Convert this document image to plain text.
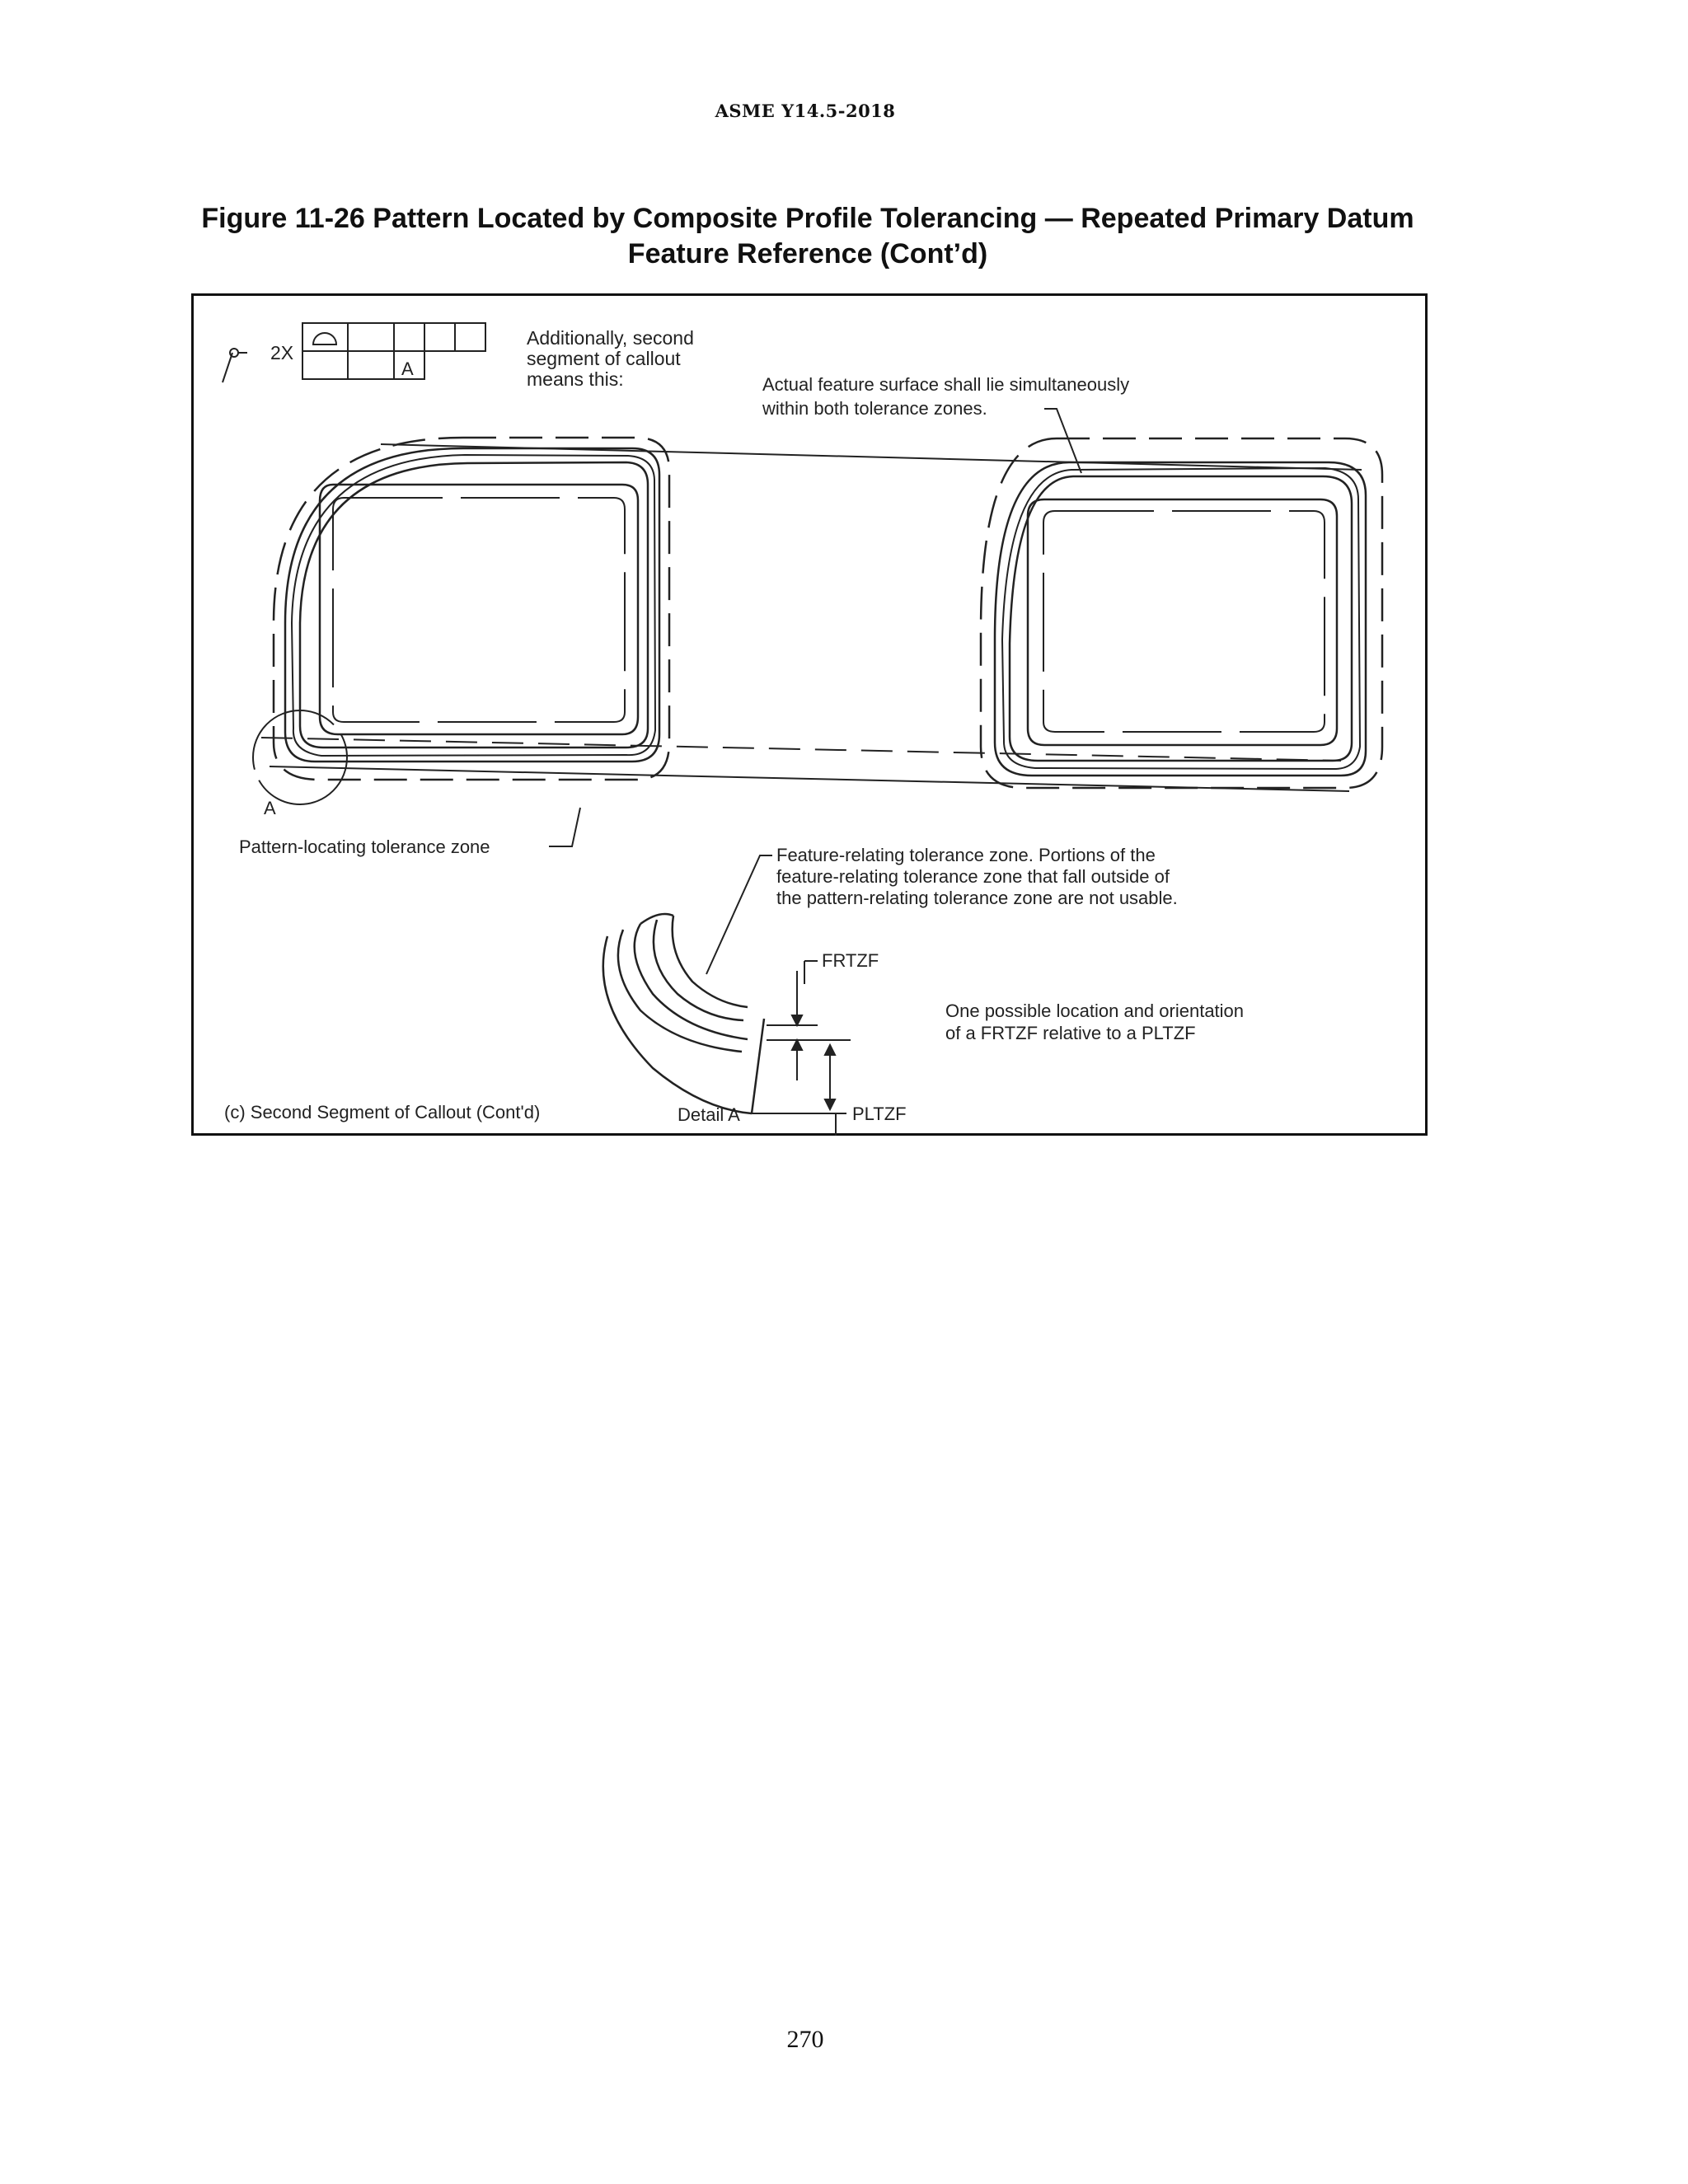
ASME Y14.5-2018
Figure 11-26 Pattern Located by Composite Profile Tolerancing — Repeated Primary Datum
Feature Reference (Cont’d)
2X
A
Additionally, second
segment of callout
means this:	Actual feature surface shall lie simultaneously
within both tolerance zones.
A
Pattern-locating tolerance zone	Feature-relating tolerance zone. Portions of the
feature-relating tolerance zone that fall outside of
the pattern-relating tolerance zone are not usable.
FRTZF
PLTZF
One possible location and orientation
of a FRTZF relative to a PLTZF
(c) Second Segment of Callout (Cont'd)	Detail A
270
